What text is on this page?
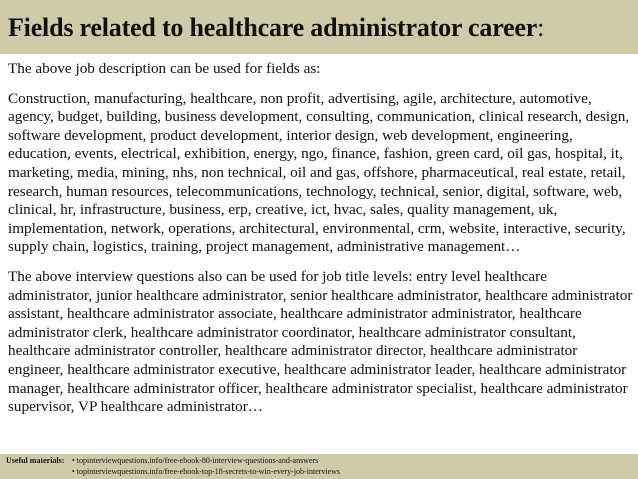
Fields related to healthcare administrator career:

The above job description can be used for fields as:

Construction, manufacturing, healthcare, non profit, advertising, agile, architecture, automotive, agency, budget, building, business development, consulting, communication, clinical research, design, software development, product development, interior design, web development, engineering, education, events, electrical, exhibition, energy, ngo, finance, fashion, green card, oil gas, hospital, it, marketing, media, mining, nhs, non technical, oil and gas, offshore, pharmaceutical, real estate, retail, research, human resources, telecommunications, technology, technical, senior, digital, software, web, clinical, hr, infrastructure, business, erp, creative, ict, hvac, sales, quality management, uk, implementation, network, operations, architectural, environmental, crm, website, interactive, security, supply chain, logistics, training, project management, administrative management…

The above interview questions also can be used for job title levels: entry level healthcare administrator, junior healthcare administrator, senior healthcare administrator, healthcare administrator assistant, healthcare administrator associate, healthcare administrator administrator, healthcare administrator clerk, healthcare administrator coordinator, healthcare administrator consultant, healthcare administrator controller, healthcare administrator director, healthcare administrator engineer, healthcare administrator executive, healthcare administrator leader, healthcare administrator manager, healthcare administrator officer, healthcare administrator specialist, healthcare administrator supervisor, VP healthcare administrator…

Useful materials: • topinterviewquestions.info/free-ebook-80-interview-questions-and-answers
• topinterviewquestions.info/free-ebook-top-18-secrets-to-win-every-job-interviews
